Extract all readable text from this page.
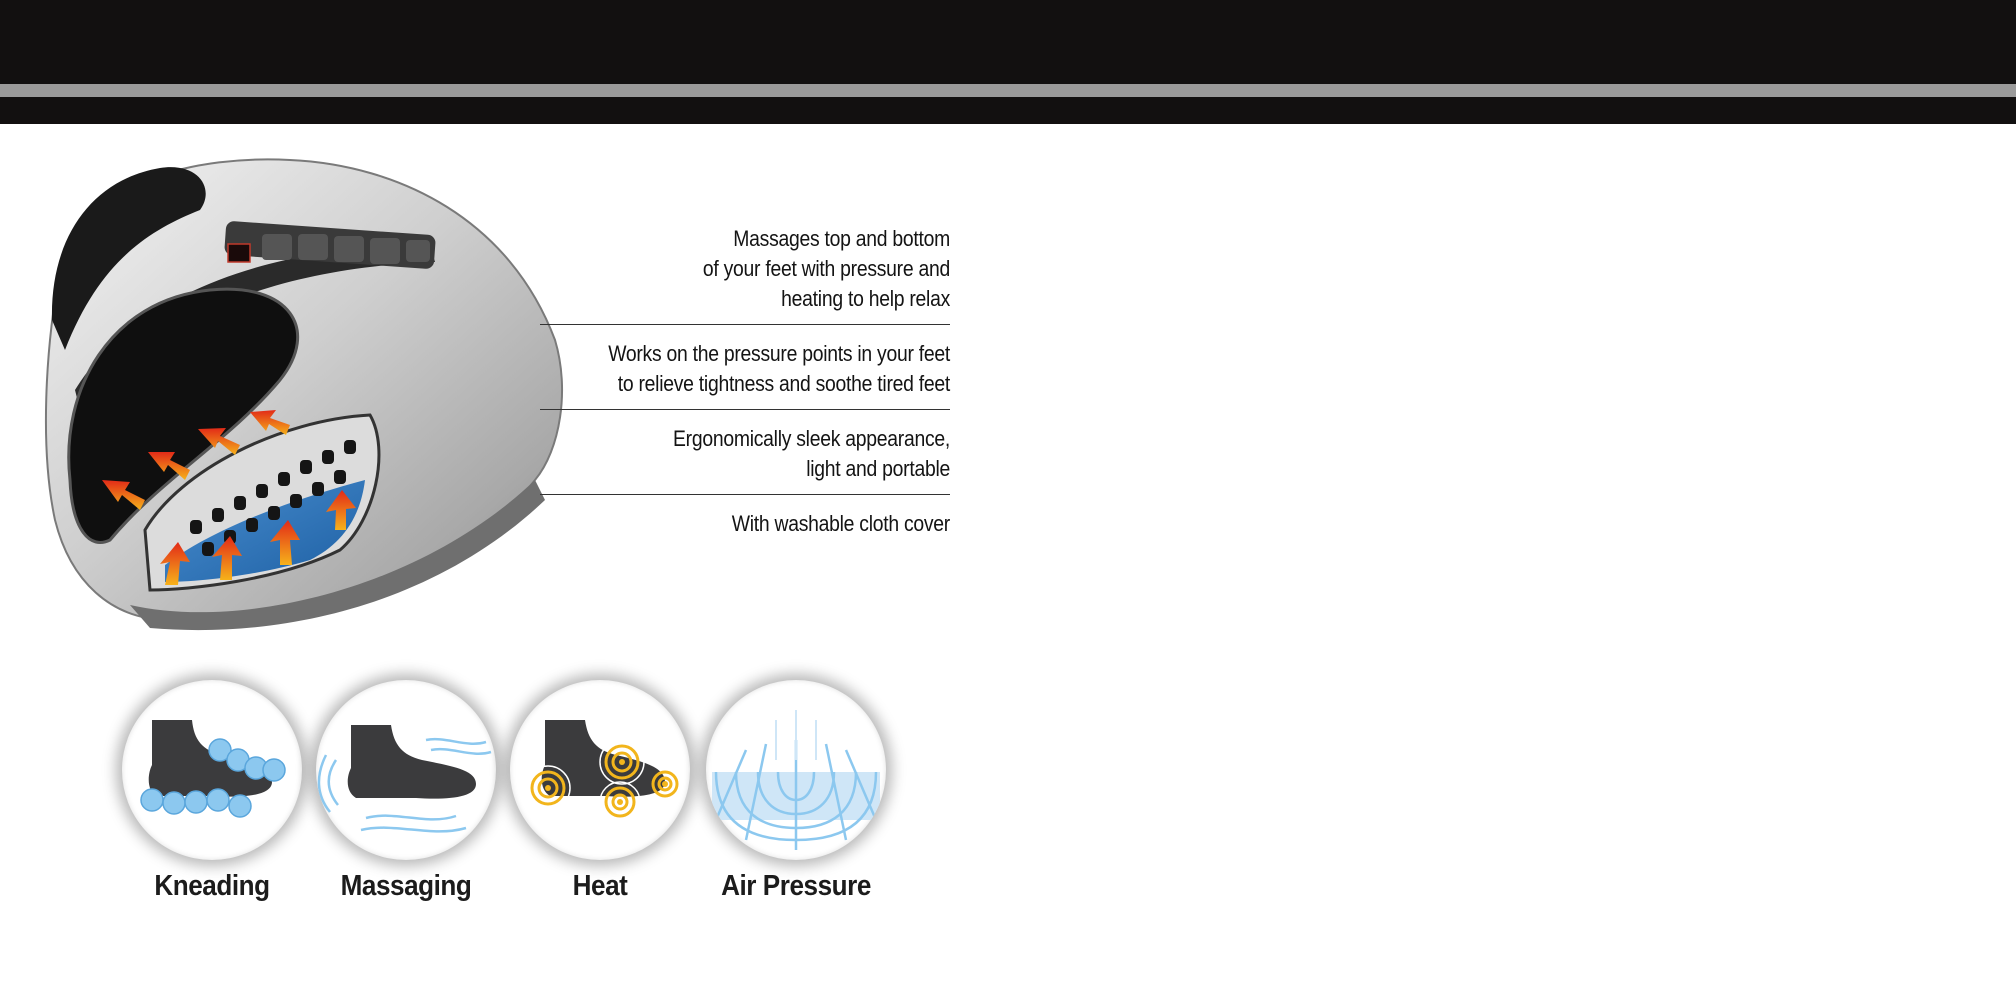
Massages top and bottom
of your feet with pressure and
heating to help relax
Works on the pressure points in your feet
to relieve tightness and soothe tired feet
Ergonomically sleek appearance,
light and portable
With washable cloth cover
Kneading	Massaging	Heat	Air Pressure
